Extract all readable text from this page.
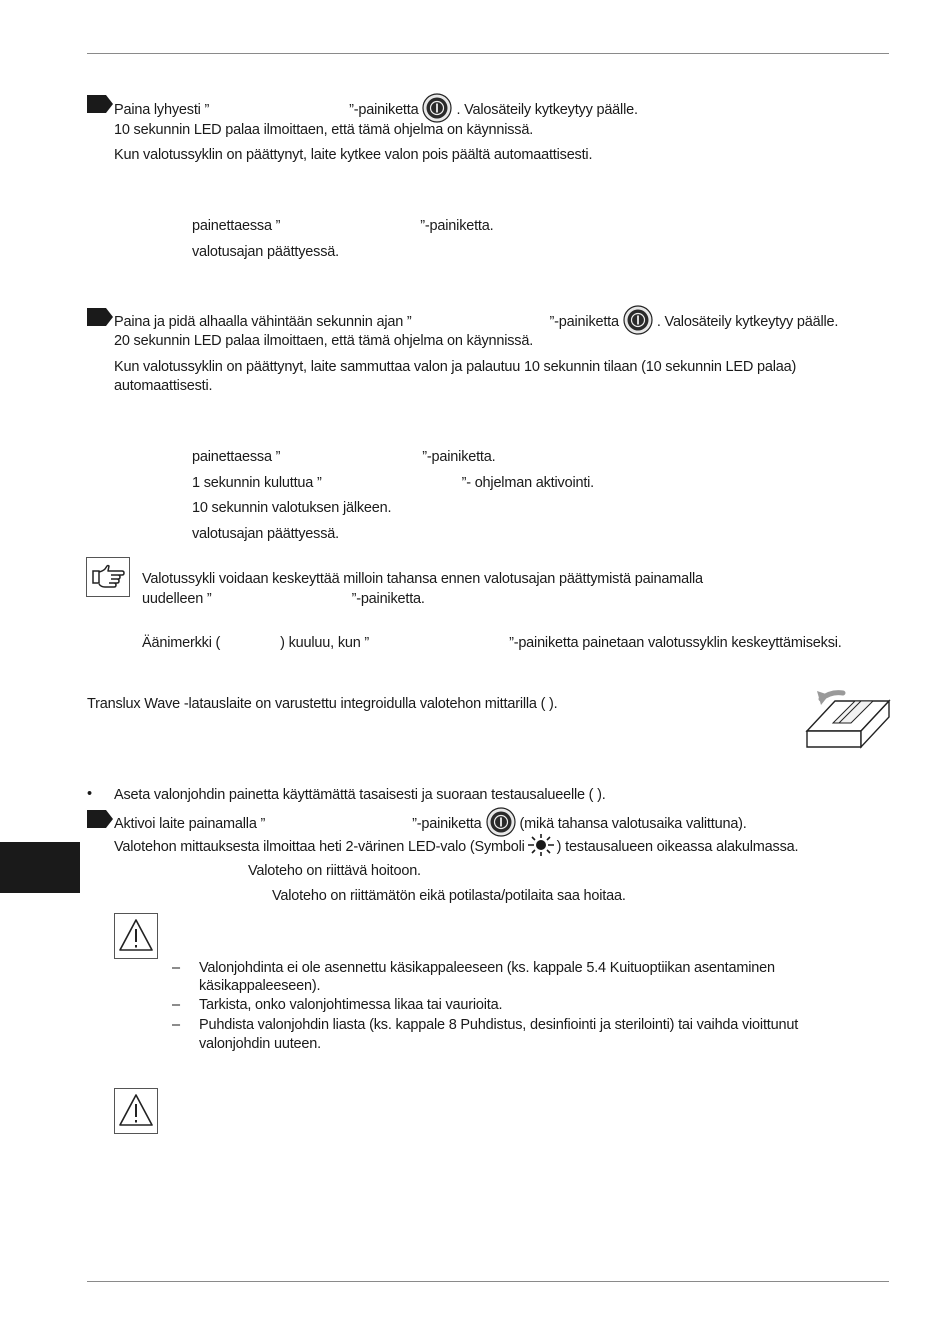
Paina lyhyesti ”	”-painiketta	. Valosäteily kytkeytyy päälle.
10 sekunnin LED palaa ilmoittaen, että tämä ohjelma on käynnissä.
Kun valotussyklin on päättynyt, laite kytkee valon pois päältä automaattisesti.
painettaessa ”	”-painiketta.
valotusajan päättyessä.
Paina ja pidä alhaalla vähintään sekunnin ajan ”	”-painiketta	. Valosäteily kytkeytyy päälle.
20 sekunnin LED palaa ilmoittaen, että tämä ohjelma on käynnissä.
Kun valotussyklin on päättynyt, laite sammuttaa valon ja palautuu 10 sekunnin tilaan (10 sekunnin LED palaa)
automaattisesti.
painettaessa ”	”-painiketta.
1 sekunnin kuluttua ”	”- ohjelman aktivointi.
10 sekunnin valotuksen jälkeen.
valotusajan päättyessä.
Valotussykli voidaan keskeyttää milloin tahansa ennen valotusajan päättymistä painamalla
uudelleen ”	”-painiketta.
Äänimerkki (	) kuuluu, kun ”	”-painiketta painetaan valotussyklin keskeyttämiseksi.
Translux Wave -latauslaite on varustettu integroidulla valotehon mittarilla ( ).
• Aseta valonjohdin painetta käyttämättä tasaisesti ja suoraan testausalueelle ( ).
Aktivoi laite painamalla ”	”-painiketta	(mikä tahansa valotusaika valittuna).
Valotehon mittauksesta ilmoittaa heti 2-värinen LED-valo (Symboli ) testausalueen oikeassa alakulmassa.
Valoteho on riittävä hoitoon.
Valoteho on riittämätön eikä potilasta/potilaita saa hoitaa.
– Valonjohdinta ei ole asennettu käsikappaleeseen (ks. kappale 5.4 Kuituoptiikan asentaminen
käsikappaleeseen).
– Tarkista, onko valonjohtimessa likaa tai vaurioita.
– Puhdista valonjohdin liasta (ks. kappale 8 Puhdistus, desinfiointi ja sterilointi) tai vaihda vioittunut
valonjohdin uuteen.
